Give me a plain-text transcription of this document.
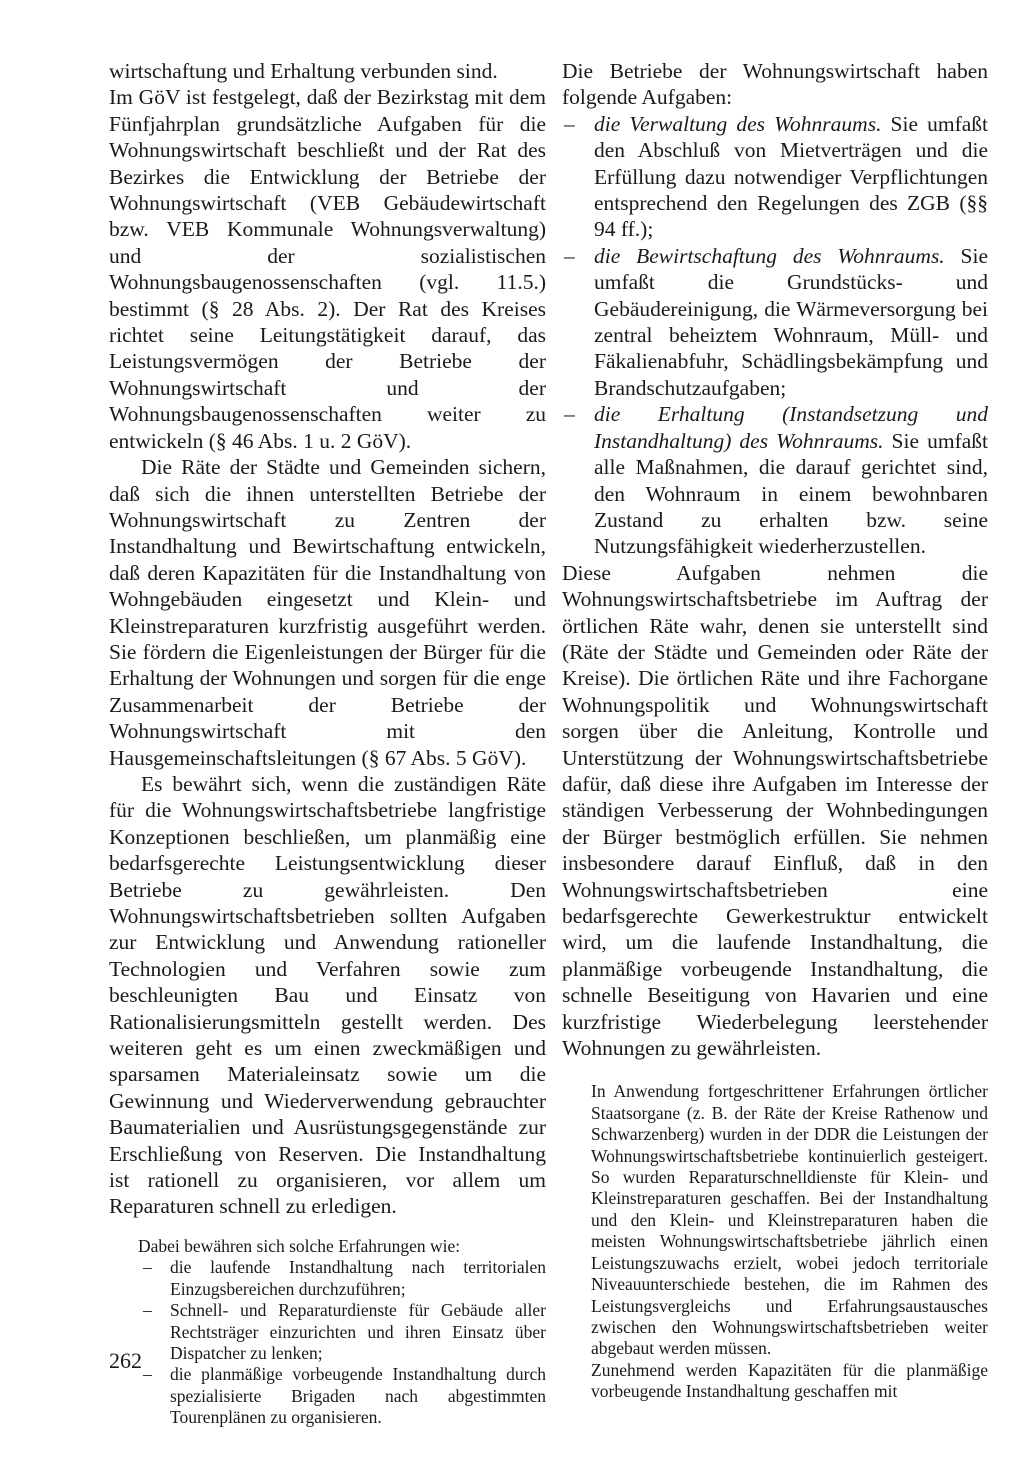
wirtschaftung und Erhaltung verbunden sind.

Im GöV ist festgelegt, daß der Bezirkstag mit dem Fünfjahrplan grundsätzliche Aufgaben für die Wohnungswirtschaft beschließt und der Rat des Bezirkes die Entwicklung der Betriebe der Wohnungswirtschaft (VEB Gebäudewirtschaft bzw. VEB Kommunale Wohnungsverwaltung) und der sozialistischen Wohnungsbaugenossenschaften (vgl. 11.5.) bestimmt (§ 28 Abs. 2). Der Rat des Kreises richtet seine Leitungstätigkeit darauf, das Leistungsvermögen der Betriebe der Wohnungswirtschaft und der Wohnungsbaugenossenschaften weiter zu entwickeln (§ 46 Abs. 1 u. 2 GöV).

Die Räte der Städte und Gemeinden sichern, daß sich die ihnen unterstellten Betriebe der Wohnungswirtschaft zu Zentren der Instandhaltung und Bewirtschaftung entwickeln, daß deren Kapazitäten für die Instandhaltung von Wohngebäuden eingesetzt und Klein- und Kleinstreparaturen kurzfristig ausgeführt werden. Sie fördern die Eigenleistungen der Bürger für die Erhaltung der Wohnungen und sorgen für die enge Zusammenarbeit der Betriebe der Wohnungswirtschaft mit den Hausgemeinschaftsleitungen (§ 67 Abs. 5 GöV).

Es bewährt sich, wenn die zuständigen Räte für die Wohnungswirtschaftsbetriebe langfristige Konzeptionen beschließen, um planmäßig eine bedarfsgerechte Leistungsentwicklung dieser Betriebe zu gewährleisten. Den Wohnungswirtschaftsbetrieben sollten Aufgaben zur Entwicklung und Anwendung rationeller Technologien und Verfahren sowie zum beschleunigten Bau und Einsatz von Rationalisierungsmitteln gestellt werden. Des weiteren geht es um einen zweckmäßigen und sparsamen Materialeinsatz sowie um die Gewinnung und Wiederverwendung gebrauchter Baumaterialien und Ausrüstungsgegenstände zur Erschließung von Reserven. Die Instandhaltung ist rationell zu organisieren, vor allem um Reparaturen schnell zu erledigen.

Dabei bewähren sich solche Erfahrungen wie:

– die laufende Instandhaltung nach territorialen Einzugsbereichen durchzuführen;
– Schnell- und Reparaturdienste für Gebäude aller Rechtsträger einzurichten und ihren Einsatz über Dispatcher zu lenken;
– die planmäßige vorbeugende Instandhaltung durch spezialisierte Brigaden nach abgestimmten Tourenplänen zu organisieren.

Die Betriebe der Wohnungswirtschaft haben folgende Aufgaben:

– die Verwaltung des Wohnraums. Sie umfaßt den Abschluß von Mietverträgen und die Erfüllung dazu notwendiger Verpflichtungen entsprechend den Regelungen des ZGB (§§ 94 ff.);
– die Bewirtschaftung des Wohnraums. Sie umfaßt die Grundstücks- und Gebäudereinigung, die Wärmeversorgung bei zentral beheiztem Wohnraum, Müll- und Fäkalienabfuhr, Schädlingsbekämpfung und Brandschutzaufgaben;
– die Erhaltung (Instandsetzung und Instandhaltung) des Wohnraums. Sie umfaßt alle Maßnahmen, die darauf gerichtet sind, den Wohnraum in einem bewohnbaren Zustand zu erhalten bzw. seine Nutzungsfähigkeit wiederherzustellen.

Diese Aufgaben nehmen die Wohnungswirtschaftsbetriebe im Auftrag der örtlichen Räte wahr, denen sie unterstellt sind (Räte der Städte und Gemeinden oder Räte der Kreise). Die örtlichen Räte und ihre Fachorgane Wohnungspolitik und Wohnungswirtschaft sorgen über die Anleitung, Kontrolle und Unterstützung der Wohnungswirtschaftsbetriebe dafür, daß diese ihre Aufgaben im Interesse der ständigen Verbesserung der Wohnbedingungen der Bürger bestmöglich erfüllen. Sie nehmen insbesondere darauf Einfluß, daß in den Wohnungswirtschaftsbetrieben eine bedarfsgerechte Gewerkestruktur entwickelt wird, um die laufende Instandhaltung, die planmäßige vorbeugende Instandhaltung, die schnelle Beseitigung von Havarien und eine kurzfristige Wiederbelegung leerstehender Wohnungen zu gewährleisten.

In Anwendung fortgeschrittener Erfahrungen örtlicher Staatsorgane (z. B. der Räte der Kreise Rathenow und Schwarzenberg) wurden in der DDR die Leistungen der Wohnungswirtschaftsbetriebe kontinuierlich gesteigert. So wurden Reparaturschnelldienste für Klein- und Kleinstreparaturen geschaffen. Bei der Instandhaltung und den Klein- und Kleinstreparaturen haben die meisten Wohnungswirtschaftsbetriebe jährlich einen Leistungszuwachs erzielt, wobei jedoch territoriale Niveauunterschiede bestehen, die im Rahmen des Leistungsvergleichs und Erfahrungsaustausches zwischen den Wohnungswirtschaftsbetrieben weiter abgebaut werden müssen.

Zunehmend werden Kapazitäten für die planmäßige vorbeugende Instandhaltung geschaffen mit

262
